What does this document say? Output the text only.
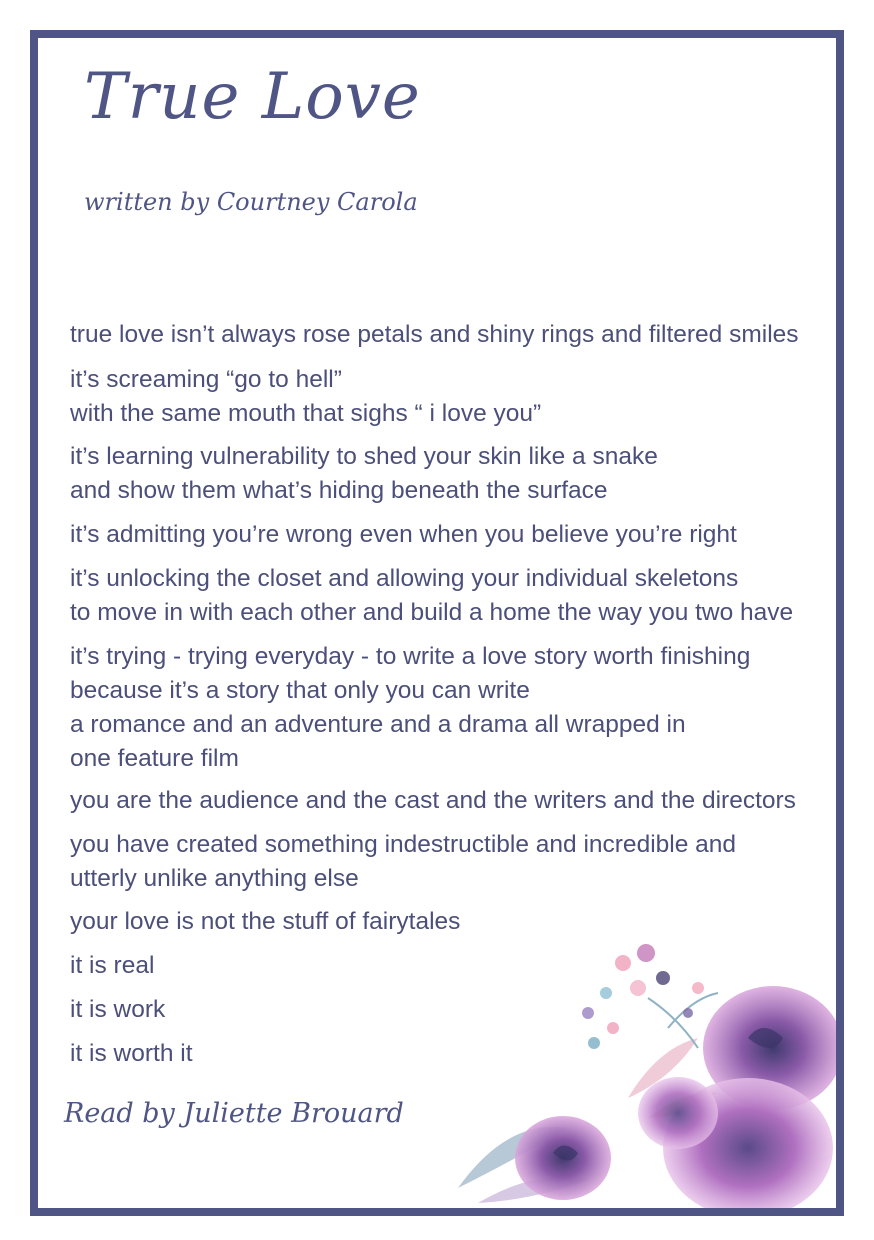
True Love
written by Courtney Carola

true love isn’t always rose petals and shiny rings and filtered smiles

it’s screaming “go to hell”
with the same mouth that sighs “ i love you”

it’s learning vulnerability to shed your skin like a snake
and show them what’s hiding beneath the surface

it’s admitting you’re wrong even when you believe you’re right

it’s unlocking the closet and allowing your individual skeletons
to move in with each other and build a home the way you two have

it’s trying - trying everyday - to write a love story worth finishing
because it’s a story that only you can write
a romance and an adventure and a drama all wrapped in
one feature film

you are the audience and the cast and the writers and the directors

you have created something indestructible and incredible and
utterly unlike anything else

your love is not the stuff of fairytales

it is real

it is work

it is worth it

Read by Juliette Brouard
